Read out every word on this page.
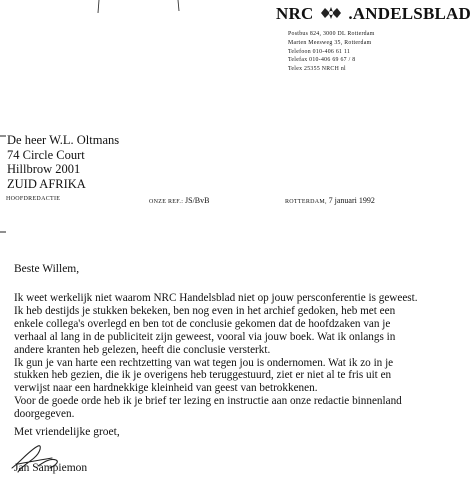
NRC .ANDELSBLAD
Postbus 824, 3000 DL Rotterdam
Marten Meesweg 35, Rotterdam
Telefoon 010-406 61 11
Telefax 010-406 69 67 / 8
Telex 25355 NRCH nl
De heer W.L. Oltmans
74 Circle Court
Hillbrow 2001
ZUID AFRIKA
HOOFDREDACTIE	ONZE REF.: JS/BvB	ROTTERDAM, 7 januari 1992
Beste Willem,
Ik weet werkelijk niet waarom NRC Handelsblad niet op jouw persconferentie is geweest.
Ik heb destijds je stukken bekeken, ben nog even in het archief gedoken, heb met een
enkele collega's overlegd en ben tot de conclusie gekomen dat de hoofdzaken van je
verhaal al lang in de publiciteit zijn geweest, vooral via jouw boek. Wat ik onlangs in
andere kranten heb gelezen, heeft die conclusie versterkt.
Ik gun je van harte een rechtzetting van wat tegen jou is ondernomen. Wat ik zo in je
stukken heb gezien, die ik je overigens heb teruggestuurd, ziet er niet al te fris uit en
verwijst naar een hardnekkige kleinheid van geest van betrokkenen.
Voor de goede orde heb ik je brief ter lezing en instructie aan onze redactie binnenland
doorgegeven.
Met vriendelijke groet,
Jan Sampiemon
